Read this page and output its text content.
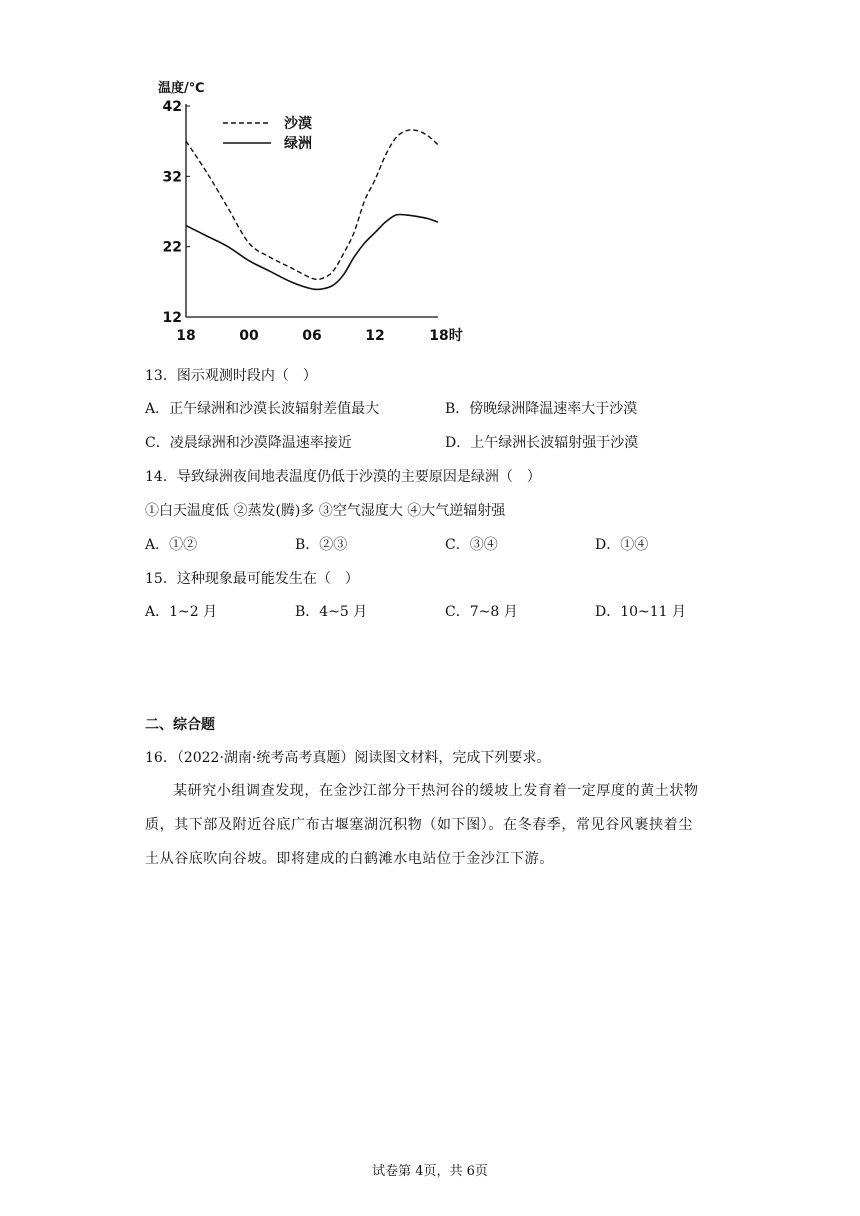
温度/℃
12
22
32
42
18	00	06	12	18时
沙漠
绿洲
13．图示观测时段内（　）
A．正午绿洲和沙漠长波辐射差值最大	B．傍晚绿洲降温速率大于沙漠
C．凌晨绿洲和沙漠降温速率接近	D．上午绿洲长波辐射强于沙漠
14．导致绿洲夜间地表温度仍低于沙漠的主要原因是绿洲（　）
①白天温度低 ②蒸发(腾)多 ③空气湿度大 ④大气逆辐射强
A．①②	B．②③	C．③④	D．①④
15．这种现象最可能发生在（　）
A．1~2 月	B．4~5 月	C．7~8 月	D．10~11 月
二、综合题
16．（2022·湖南·统考高考真题）阅读图文材料，完成下列要求。
某研究小组调查发现，在金沙江部分干热河谷的缓坡上发育着一定厚度的黄土状物
质，其下部及附近谷底广布古堰塞湖沉积物（如下图）。在冬春季，常见谷风裹挟着尘
土从谷底吹向谷坡。即将建成的白鹤滩水电站位于金沙江下游。
试卷第 4页，共 6页
